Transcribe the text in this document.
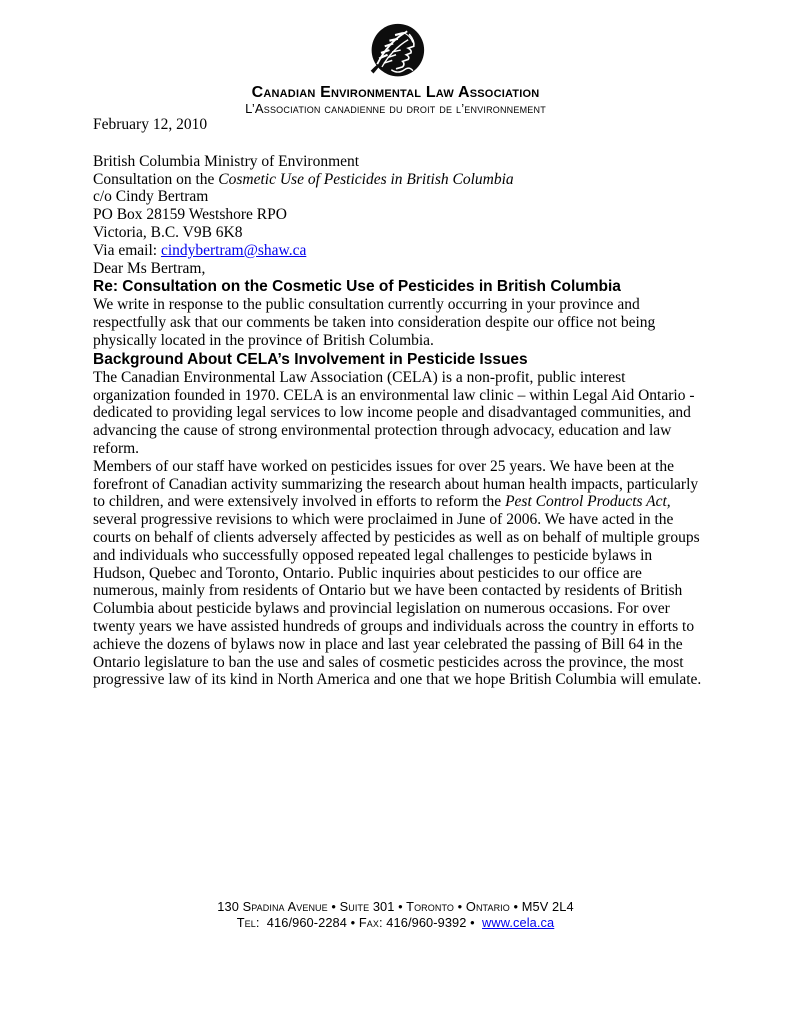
Canadian Environmental Law Association
L’Association canadienne du droit de l’environnement

February 12, 2010

British Columbia Ministry of Environment

Consultation on the Cosmetic Use of Pesticides in British Columbia

c/o Cindy Bertram

PO Box 28159 Westshore RPO

Victoria, B.C. V9B 6K8

Via email: cindybertram@shaw.ca

Dear Ms Bertram,

Re: Consultation on the Cosmetic Use of Pesticides in British Columbia

We write in response to the public consultation currently occurring in your province and respectfully ask that our comments be taken into consideration despite our office not being physically located in the province of British Columbia.

Background About CELA’s Involvement in Pesticide Issues

The Canadian Environmental Law Association (CELA) is a non-profit, public interest organization founded in 1970. CELA is an environmental law clinic – within Legal Aid Ontario - dedicated to providing legal services to low income people and disadvantaged communities, and advancing the cause of strong environmental protection through advocacy, education and law reform.

Members of our staff have worked on pesticides issues for over 25 years. We have been at the forefront of Canadian activity summarizing the research about human health impacts, particularly to children, and were extensively involved in efforts to reform the Pest Control Products Act, several progressive revisions to which were proclaimed in June of 2006. We have acted in the courts on behalf of clients adversely affected by pesticides as well as on behalf of multiple groups and individuals who successfully opposed repeated legal challenges to pesticide bylaws in Hudson, Quebec and Toronto, Ontario. Public inquiries about pesticides to our office are numerous, mainly from residents of Ontario but we have been contacted by residents of British Columbia about pesticide bylaws and provincial legislation on numerous occasions. For over twenty years we have assisted hundreds of groups and individuals across the country in efforts to achieve the dozens of bylaws now in place and last year celebrated the passing of Bill 64 in the Ontario legislature to ban the use and sales of cosmetic pesticides across the province, the most progressive law of its kind in North America and one that we hope British Columbia will emulate.

130 Spadina Avenue • Suite 301 • Toronto • Ontario • M5V 2L4
Tel:  416/960-2284 • Fax: 416/960-9392 •  www.cela.ca
